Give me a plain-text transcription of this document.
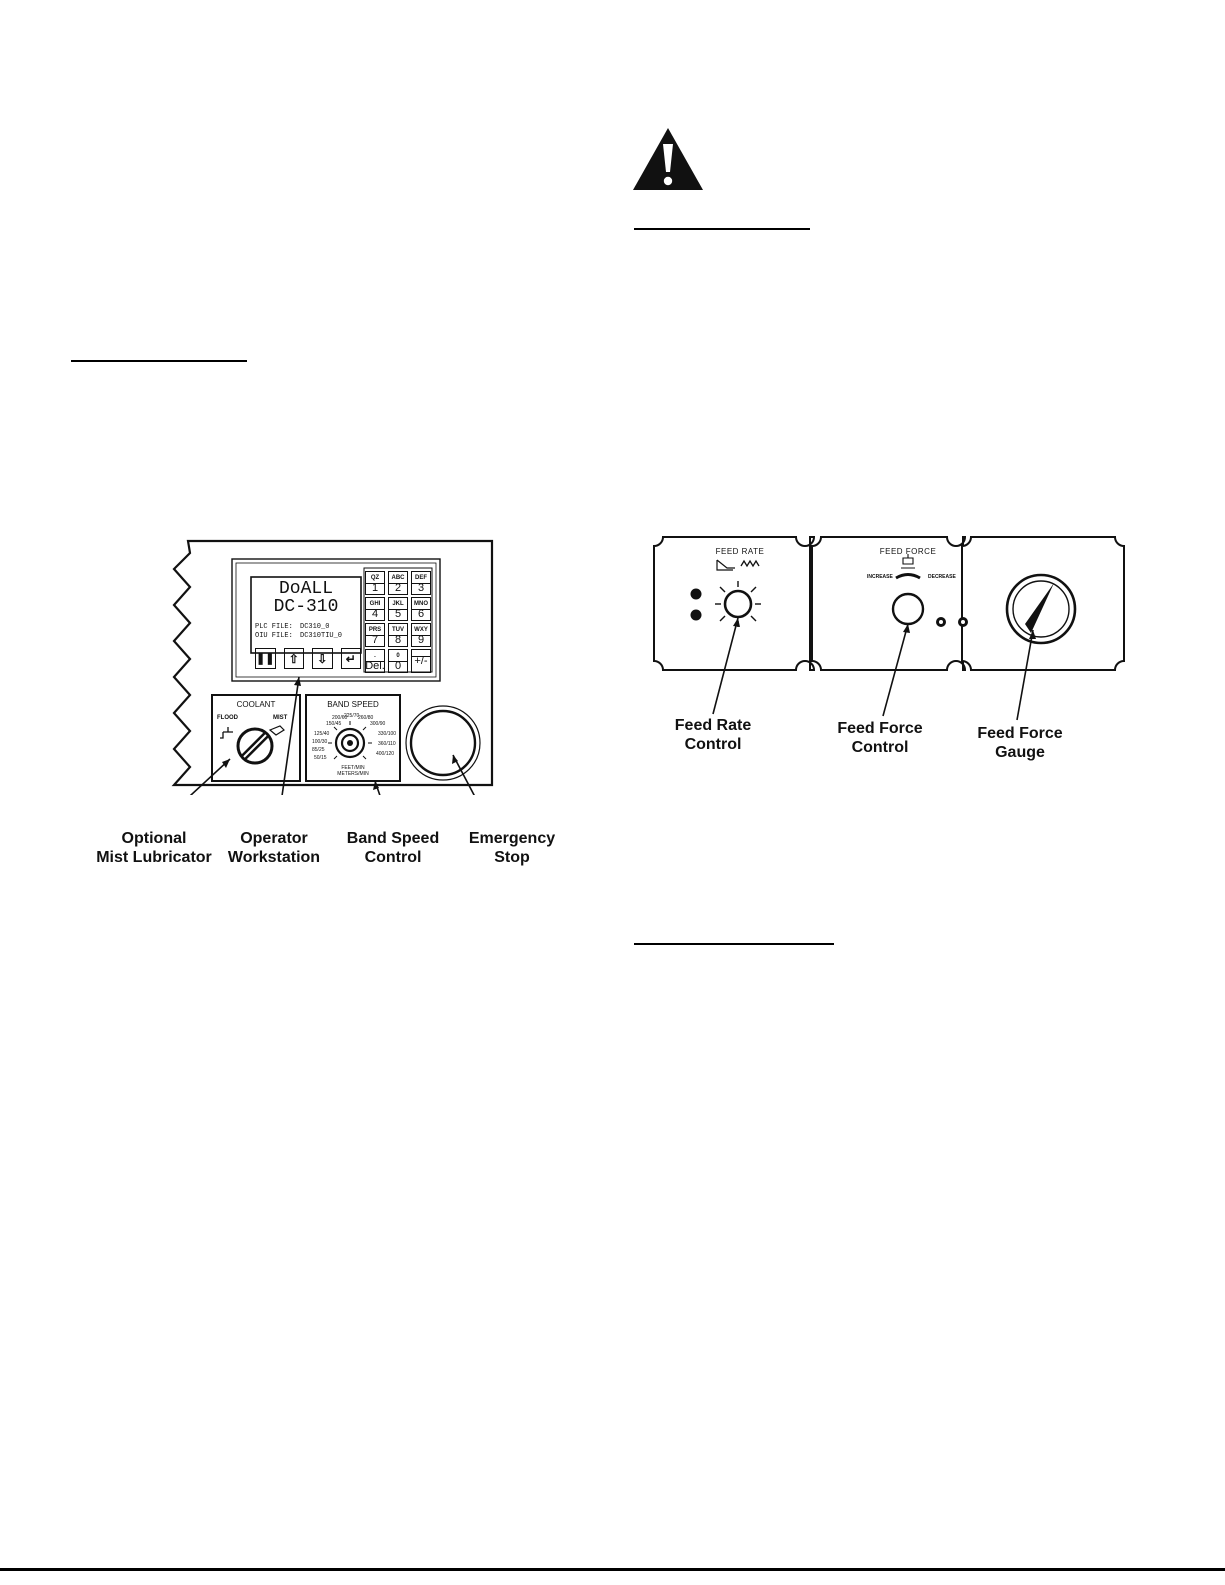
DoALL
DC-310
PLC FILE: DC310_0
OIU FILE: DC310TIU_0
QZ
1
ABC
2
DEF
3
GHI
4
JKL
5
MNO
6
PRS
7
TUV
8
WXY
9
.
Del.
0
0 +/-
❚❚	⇧	⇩	↵
COOLANT
FLOOD	MIST
BAND SPEED
50/15
85/25
100/30
125/40
150/45
200/60
225/70
260/80
300/90
330/100
360/110
400/120
FEET/MIN
METERS/MIN
Optional
Mist Lubricator
Operator
Workstation
Band Speed
Control
Emergency
Stop
FEED RATE	FEED FORCE
INCREASE	DECREASE
Feed Rate
Control
Feed Force
Control
Feed Force
Gauge
